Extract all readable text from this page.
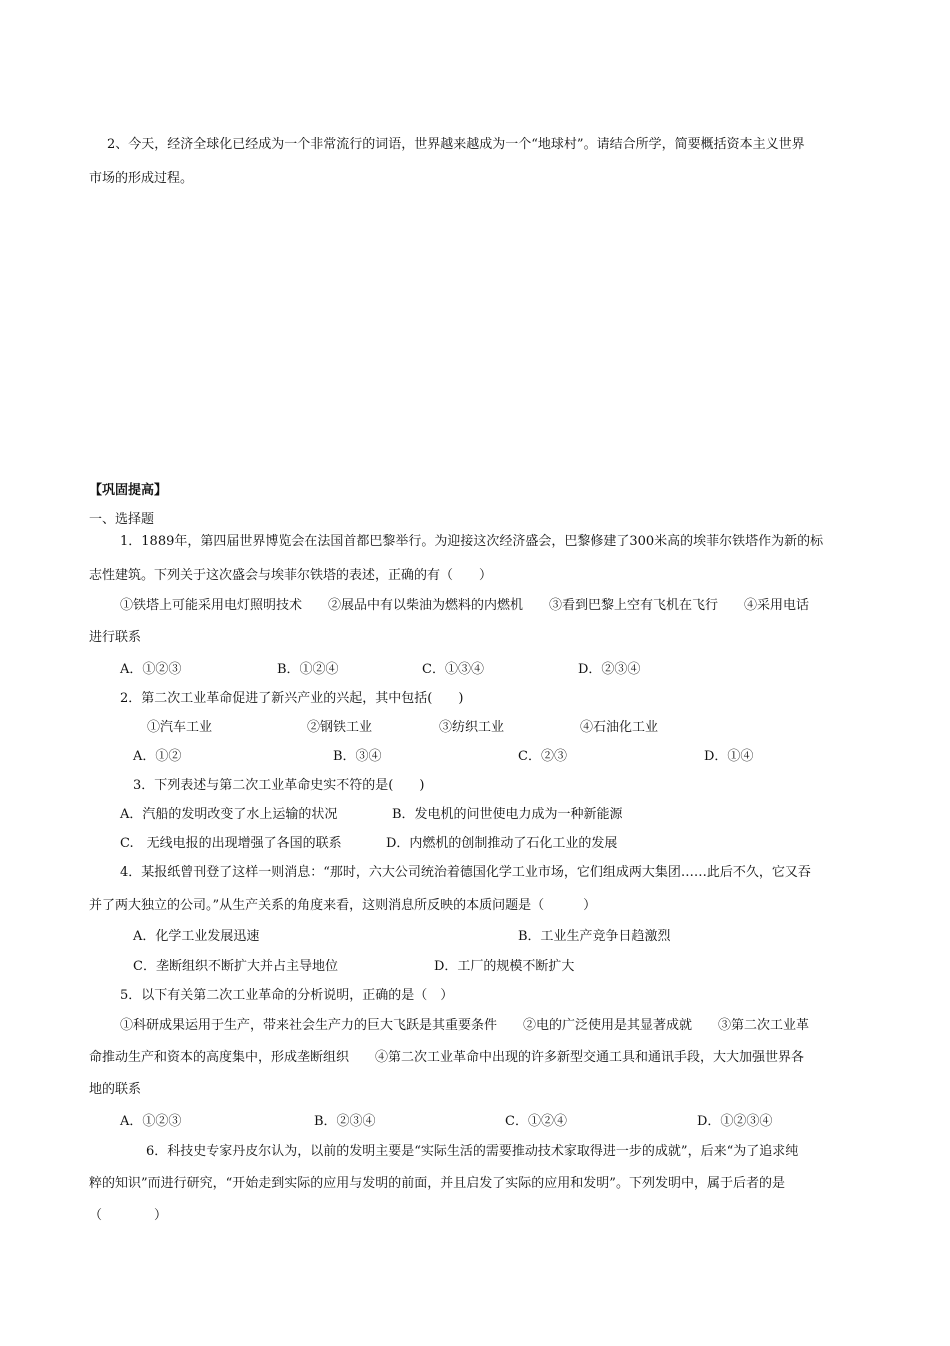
2、今天，经济全球化已经成为一个非常流行的词语，世界越来越成为一个“地球村”。请结合所学，简要概括资本主义世界
市场的形成过程。
【巩固提高】
一、选择题
1．1889年，第四届世界博览会在法国首都巴黎举行。为迎接这次经济盛会，巴黎修建了300米高的埃菲尔铁塔作为新的标
志性建筑。下列关于这次盛会与埃菲尔铁塔的表述，正确的有（　　）
①铁塔上可能采用电灯照明技术　　②展品中有以柴油为燃料的内燃机　　③看到巴黎上空有飞机在飞行　　④采用电话
进行联系
A．①②③	B．①②④	C．①③④	D．②③④
2．第二次工业革命促进了新兴产业的兴起，其中包括(　　)
①汽车工业	②钢铁工业	③纺织工业	④石油化工业
A．①②	B．③④	C．②③	D．①④
3．下列表述与第二次工业革命史实不符的是(　　)
A．汽船的发明改变了水上运输的状况	B．发电机的问世使电力成为一种新能源
C.　无线电报的出现增强了各国的联系	D．内燃机的创制推动了石化工业的发展
4．某报纸曾刊登了这样一则消息：“那时，六大公司统治着德国化学工业市场，它们组成两大集团……此后不久，它又吞
并了两大独立的公司。”从生产关系的角度来看，这则消息所反映的本质问题是（　　　）
A．化学工业发展迅速	B．工业生产竞争日趋激烈
C．垄断组织不断扩大并占主导地位	D．工厂的规模不断扩大
5．以下有关第二次工业革命的分析说明，正确的是（　）
①科研成果运用于生产，带来社会生产力的巨大飞跃是其重要条件　　②电的广泛使用是其显著成就　　③第二次工业革
命推动生产和资本的高度集中，形成垄断组织　　④第二次工业革命中出现的许多新型交通工具和通讯手段，大大加强世界各
地的联系
A．①②③	B．②③④	C．①②④	D．①②③④
6．科技史专家丹皮尔认为，以前的发明主要是“实际生活的需要推动技术家取得进一步的成就”，后来“为了追求纯
粹的知识”而进行研究，“开始走到实际的应用与发明的前面，并且启发了实际的应用和发明”。下列发明中，属于后者的是
（　　　　）
